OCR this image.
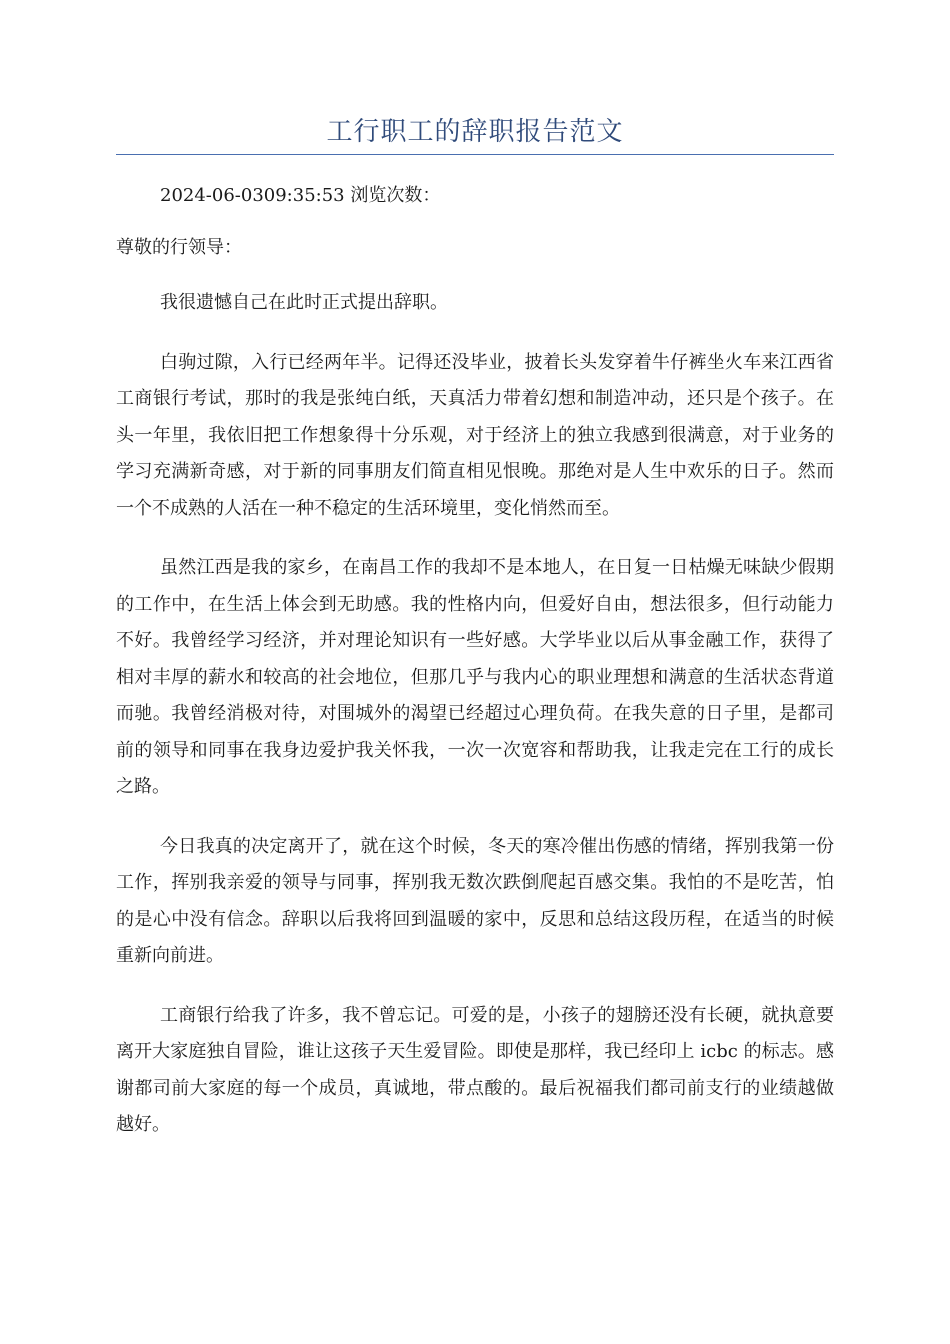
工行职工的辞职报告范文
2024-06-0309:35:53 浏览次数：
尊敬的行领导：

我很遗憾自己在此时正式提出辞职。

白驹过隙，入行已经两年半。记得还没毕业，披着长头发穿着牛仔裤坐火车来江西省工商银行考试，那时的我是张纯白纸，天真活力带着幻想和制造冲动，还只是个孩子。在头一年里，我依旧把工作想象得十分乐观，对于经济上的独立我感到很满意，对于业务的学习充满新奇感，对于新的同事朋友们简直相见恨晚。那绝对是人生中欢乐的日子。然而一个不成熟的人活在一种不稳定的生活环境里，变化悄然而至。

虽然江西是我的家乡，在南昌工作的我却不是本地人，在日复一日枯燥无味缺少假期的工作中，在生活上体会到无助感。我的性格内向，但爱好自由，想法很多，但行动能力不好。我曾经学习经济，并对理论知识有一些好感。大学毕业以后从事金融工作，获得了相对丰厚的薪水和较高的社会地位，但那几乎与我内心的职业理想和满意的生活状态背道而驰。我曾经消极对待，对围城外的渴望已经超过心理负荷。在我失意的日子里，是都司前的领导和同事在我身边爱护我关怀我，一次一次宽容和帮助我，让我走完在工行的成长之路。

今日我真的决定离开了，就在这个时候，冬天的寒冷催出伤感的情绪，挥别我第一份工作，挥别我亲爱的领导与同事，挥别我无数次跌倒爬起百感交集。我怕的不是吃苦，怕的是心中没有信念。辞职以后我将回到温暖的家中，反思和总结这段历程，在适当的时候重新向前进。

工商银行给我了许多，我不曾忘记。可爱的是，小孩子的翅膀还没有长硬，就执意要离开大家庭独自冒险，谁让这孩子天生爱冒险。即使是那样，我已经印上 icbc 的标志。感谢都司前大家庭的每一个成员，真诚地，带点酸的。最后祝福我们都司前支行的业绩越做越好。
